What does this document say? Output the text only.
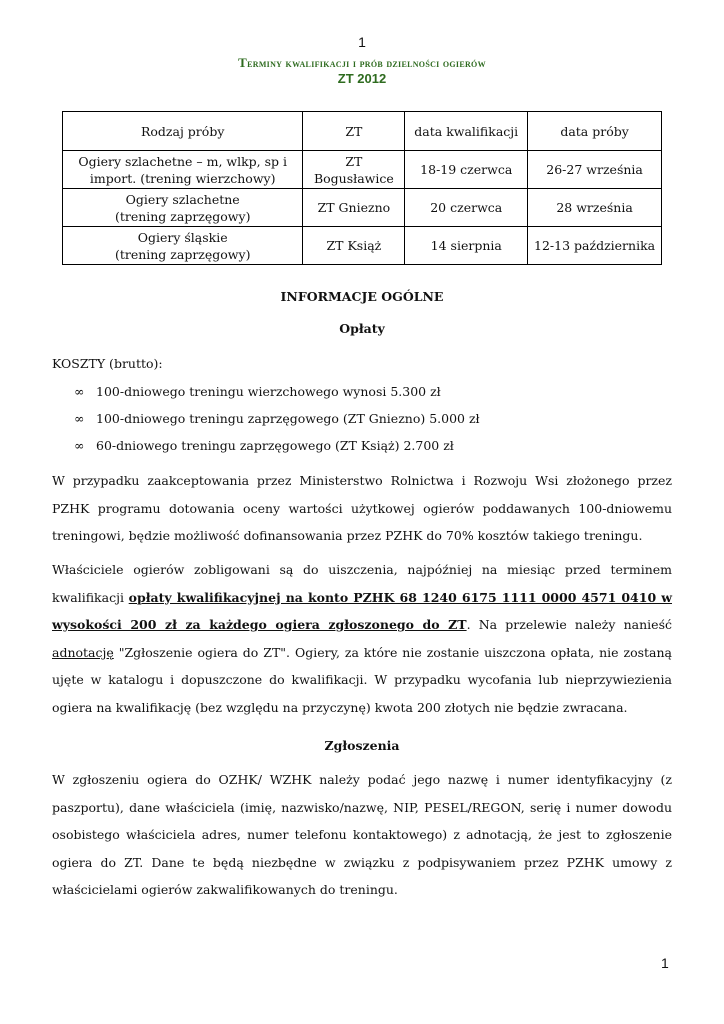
1
Terminy kwalifikacji i prób dzielności ogierów
ZT 2012
Rodzaj próby	ZT	data kwalifikacji	data próby
Ogiery szlachetne – m, wlkp, sp i
import. (trening wierzchowy)	ZT Bogusławice	18-19 czerwca	26-27 września
Ogiery szlachetne
(trening zaprzęgowy)	ZT Gniezno	20 czerwca	28 września
Ogiery śląskie
(trening zaprzęgowy)	ZT Książ	14 sierpnia	12-13 października
INFORMACJE OGÓLNE
Opłaty
KOSZTY (brutto):
∞ 100-dniowego treningu wierzchowego wynosi 5.300 zł
∞ 100-dniowego treningu zaprzęgowego (ZT Gniezno) 5.000 zł
∞ 60-dniowego treningu zaprzęgowego (ZT Książ) 2.700 zł
W przypadku zaakceptowania przez Ministerstwo Rolnictwa i Rozwoju Wsi złożonego przez PZHK programu dotowania oceny wartości użytkowej ogierów poddawanych 100-dniowemu treningowi, będzie możliwość dofinansowania przez PZHK do 70% kosztów takiego treningu.
Właściciele ogierów zobligowani są do uiszczenia, najpóźniej na miesiąc przed terminem kwalifikacji opłaty kwalifikacyjnej na konto PZHK 68 1240 6175 1111 0000 4571 0410 w wysokości 200 zł za każdego ogiera zgłoszonego do ZT. Na przelewie należy nanieść adnotację "Zgłoszenie ogiera do ZT". Ogiery, za które nie zostanie uiszczona opłata, nie zostaną ujęte w katalogu i dopuszczone do kwalifikacji. W przypadku wycofania lub nieprzywiezienia ogiera na kwalifikację (bez względu na przyczynę) kwota 200 złotych nie będzie zwracana.
Zgłoszenia
W zgłoszeniu ogiera do OZHK/ WZHK należy podać jego nazwę i numer identyfikacyjny (z paszportu), dane właściciela (imię, nazwisko/nazwę, NIP, PESEL/REGON, serię i numer dowodu osobistego właściciela adres, numer telefonu kontaktowego) z adnotacją, że jest to zgłoszenie ogiera do ZT. Dane te będą niezbędne w związku z podpisywaniem przez PZHK umowy z właścicielami ogierów zakwalifikowanych do treningu.
1
